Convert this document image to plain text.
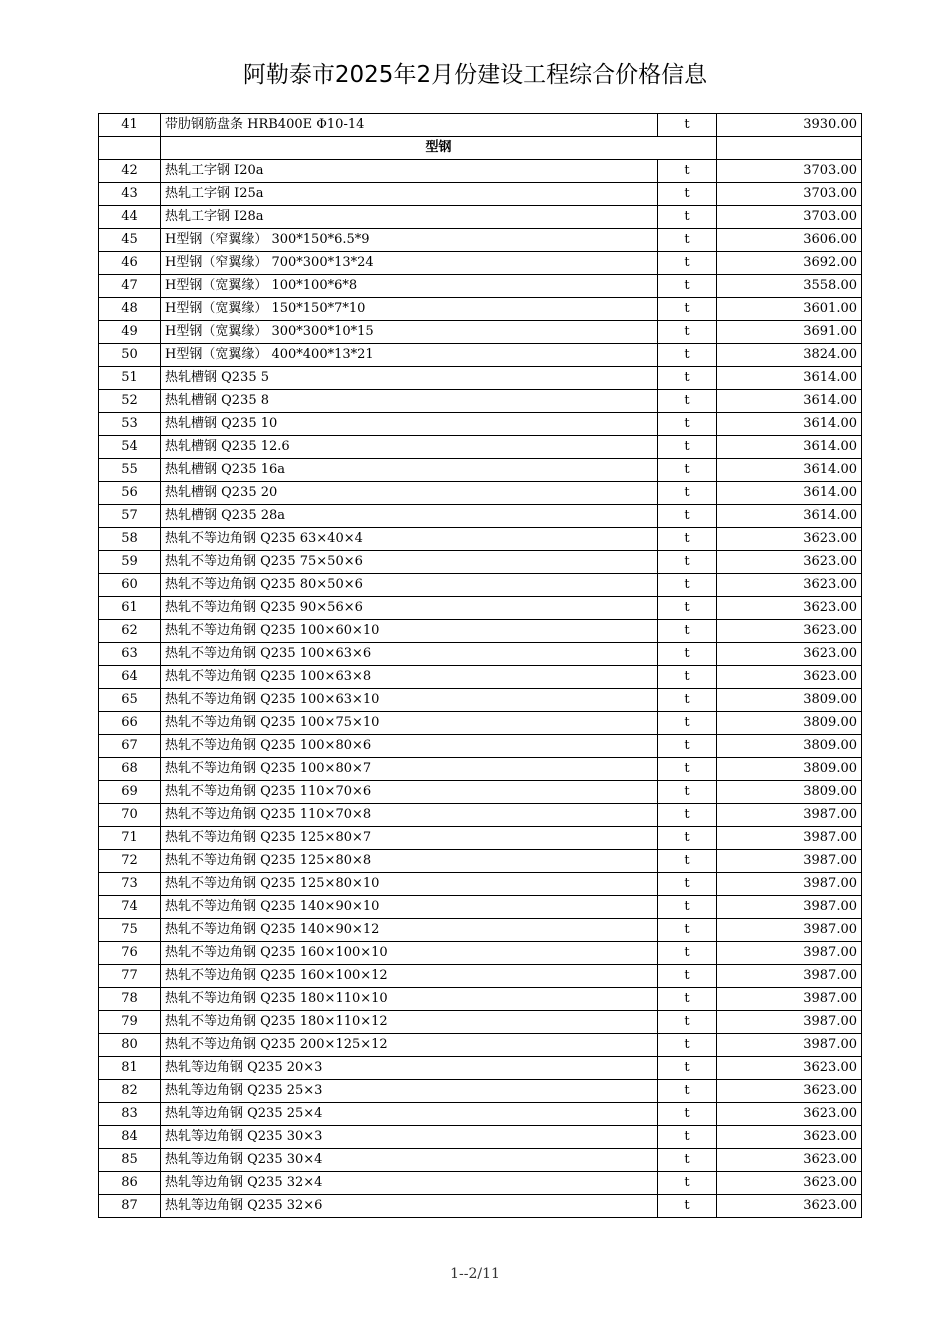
阿勒泰市2025年2月份建设工程综合价格信息
41	带肋钢筋盘条 HRB400E Φ10-14	t	3930.00
	型钢		
42	热轧工字钢 I20a	t	3703.00
43	热轧工字钢 I25a	t	3703.00
44	热轧工字钢 I28a	t	3703.00
45	H型钢（窄翼缘） 300*150*6.5*9	t	3606.00
46	H型钢（窄翼缘） 700*300*13*24	t	3692.00
47	H型钢（宽翼缘） 100*100*6*8	t	3558.00
48	H型钢（宽翼缘） 150*150*7*10	t	3601.00
49	H型钢（宽翼缘） 300*300*10*15	t	3691.00
50	H型钢（宽翼缘） 400*400*13*21	t	3824.00
51	热轧槽钢 Q235 5	t	3614.00
52	热轧槽钢 Q235 8	t	3614.00
53	热轧槽钢 Q235 10	t	3614.00
54	热轧槽钢 Q235 12.6	t	3614.00
55	热轧槽钢 Q235 16a	t	3614.00
56	热轧槽钢 Q235 20	t	3614.00
57	热轧槽钢 Q235 28a	t	3614.00
58	热轧不等边角钢 Q235 63×40×4	t	3623.00
59	热轧不等边角钢 Q235 75×50×6	t	3623.00
60	热轧不等边角钢 Q235 80×50×6	t	3623.00
61	热轧不等边角钢 Q235 90×56×6	t	3623.00
62	热轧不等边角钢 Q235 100×60×10	t	3623.00
63	热轧不等边角钢 Q235 100×63×6	t	3623.00
64	热轧不等边角钢 Q235 100×63×8	t	3623.00
65	热轧不等边角钢 Q235 100×63×10	t	3809.00
66	热轧不等边角钢 Q235 100×75×10	t	3809.00
67	热轧不等边角钢 Q235 100×80×6	t	3809.00
68	热轧不等边角钢 Q235 100×80×7	t	3809.00
69	热轧不等边角钢 Q235 110×70×6	t	3809.00
70	热轧不等边角钢 Q235 110×70×8	t	3987.00
71	热轧不等边角钢 Q235 125×80×7	t	3987.00
72	热轧不等边角钢 Q235 125×80×8	t	3987.00
73	热轧不等边角钢 Q235 125×80×10	t	3987.00
74	热轧不等边角钢 Q235 140×90×10	t	3987.00
75	热轧不等边角钢 Q235 140×90×12	t	3987.00
76	热轧不等边角钢 Q235 160×100×10	t	3987.00
77	热轧不等边角钢 Q235 160×100×12	t	3987.00
78	热轧不等边角钢 Q235 180×110×10	t	3987.00
79	热轧不等边角钢 Q235 180×110×12	t	3987.00
80	热轧不等边角钢 Q235 200×125×12	t	3987.00
81	热轧等边角钢 Q235 20×3	t	3623.00
82	热轧等边角钢 Q235 25×3	t	3623.00
83	热轧等边角钢 Q235 25×4	t	3623.00
84	热轧等边角钢 Q235 30×3	t	3623.00
85	热轧等边角钢 Q235 30×4	t	3623.00
86	热轧等边角钢 Q235 32×4	t	3623.00
87	热轧等边角钢 Q235 32×6	t	3623.00
1--2/11
